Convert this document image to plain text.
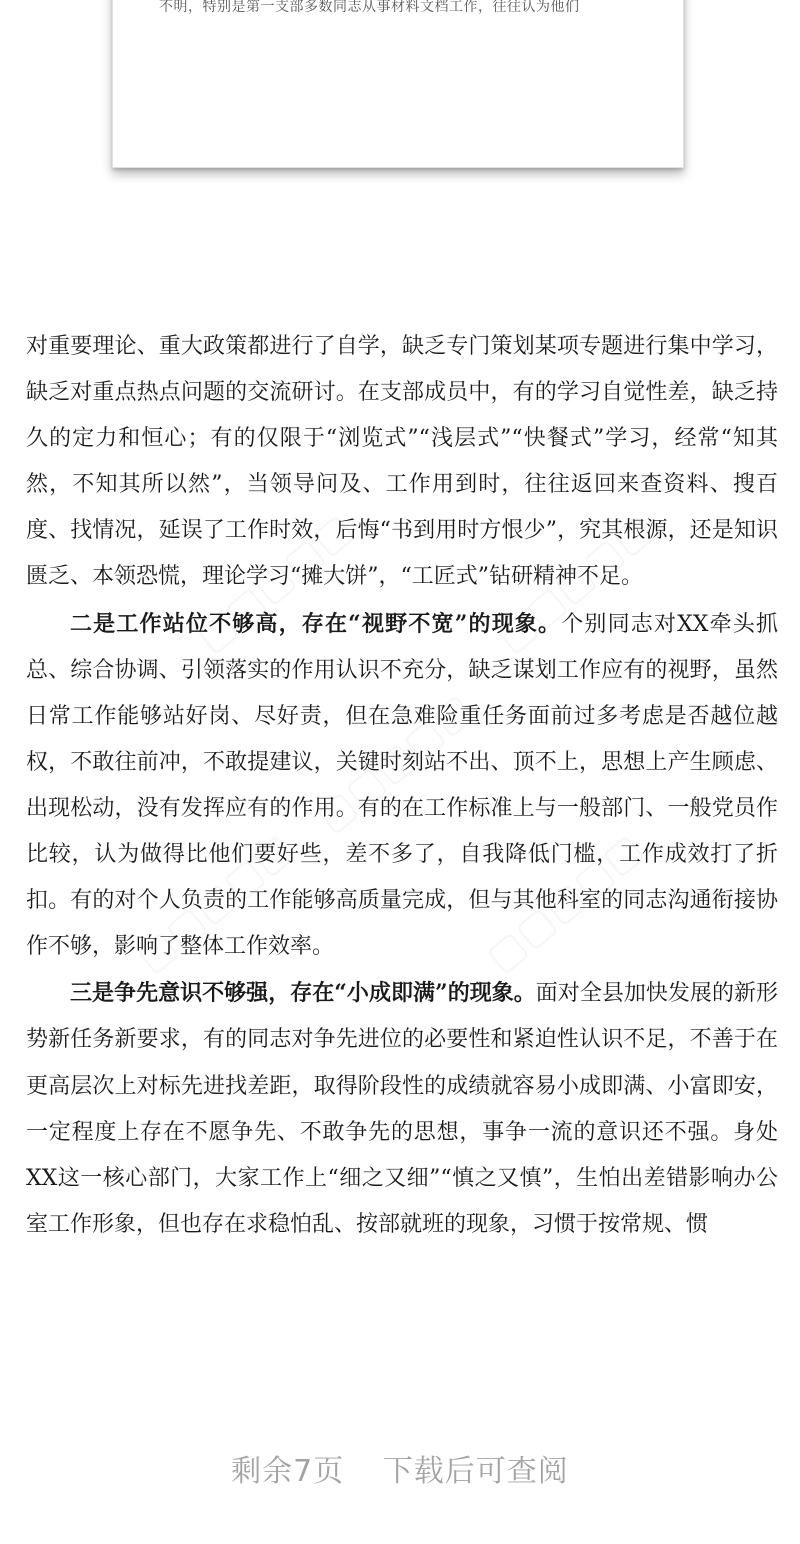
不明，特别是第一支部多数同志从事材料文档工作，往往认为他们

对重要理论、重大政策都进行了自学，缺乏专门策划某项专题进行集中学习，缺乏对重点热点问题的交流研讨。在支部成员中，有的学习自觉性差，缺乏持久的定力和恒心；有的仅限于“浏览式”“浅层式”“快餐式”学习，经常“知其然，不知其所以然”，当领导问及、工作用到时，往往返回来查资料、搜百度、找情况，延误了工作时效，后悔“书到用时方恨少”，究其根源，还是知识匮乏、本领恐慌，理论学习“摊大饼”，“工匠式”钻研精神不足。

二是工作站位不够高，存在“视野不宽”的现象。个别同志对XX牵头抓总、综合协调、引领落实的作用认识不充分，缺乏谋划工作应有的视野，虽然日常工作能够站好岗、尽好责，但在急难险重任务面前过多考虑是否越位越权，不敢往前冲，不敢提建议，关键时刻站不出、顶不上，思想上产生顾虑、出现松动，没有发挥应有的作用。有的在工作标准上与一般部门、一般党员作比较，认为做得比他们要好些，差不多了，自我降低门槛，工作成效打了折扣。有的对个人负责的工作能够高质量完成，但与其他科室的同志沟通衔接协作不够，影响了整体工作效率。

三是争先意识不够强，存在“小成即满”的现象。面对全县加快发展的新形势新任务新要求，有的同志对争先进位的必要性和紧迫性认识不足，不善于在更高层次上对标先进找差距，取得阶段性的成绩就容易小成即满、小富即安，一定程度上存在不愿争先、不敢争先的思想，事争一流的意识还不强。身处XX这一核心部门，大家工作上“细之又细”“慎之又慎”，生怕出差错影响办公室工作形象，但也存在求稳怕乱、按部就班的现象，习惯于按常规、惯

剩余7页 下载后可查阅
